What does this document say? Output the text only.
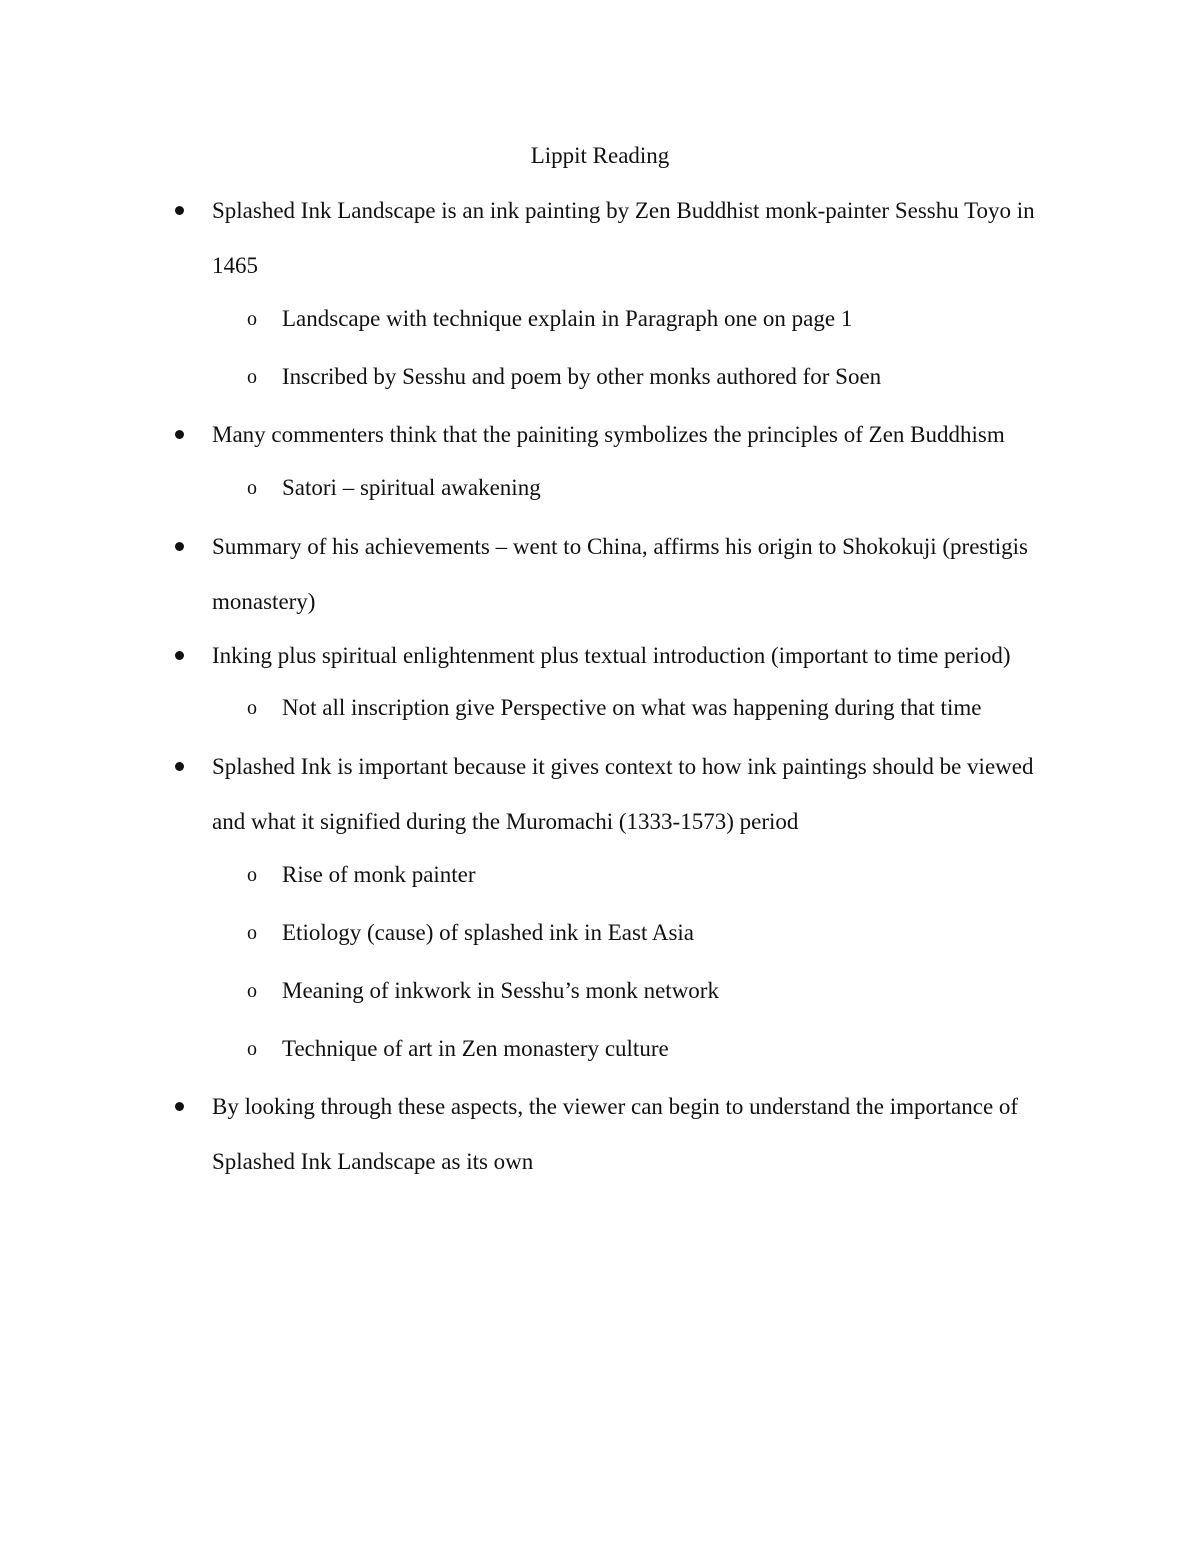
Lippit Reading
Splashed Ink Landscape is an ink painting by Zen Buddhist monk-painter Sesshu Toyo in 1465
o Landscape with technique explain in Paragraph one on page 1
o Inscribed by Sesshu and poem by other monks authored for Soen
Many commenters think that the painiting symbolizes the principles of Zen Buddhism
o Satori – spiritual awakening
Summary of his achievements – went to China, affirms his origin to Shokokuji (prestigis monastery)
Inking plus spiritual enlightenment plus textual introduction (important to time period)
o Not all inscription give Perspective on what was happening during that time
Splashed Ink is important because it gives context to how ink paintings should be viewed and what it signified during the Muromachi (1333-1573) period
o Rise of monk painter
o Etiology (cause) of splashed ink in East Asia
o Meaning of inkwork in Sesshu’s monk network
o Technique of art in Zen monastery culture
By looking through these aspects, the viewer can begin to understand the importance of Splashed Ink Landscape as its own
